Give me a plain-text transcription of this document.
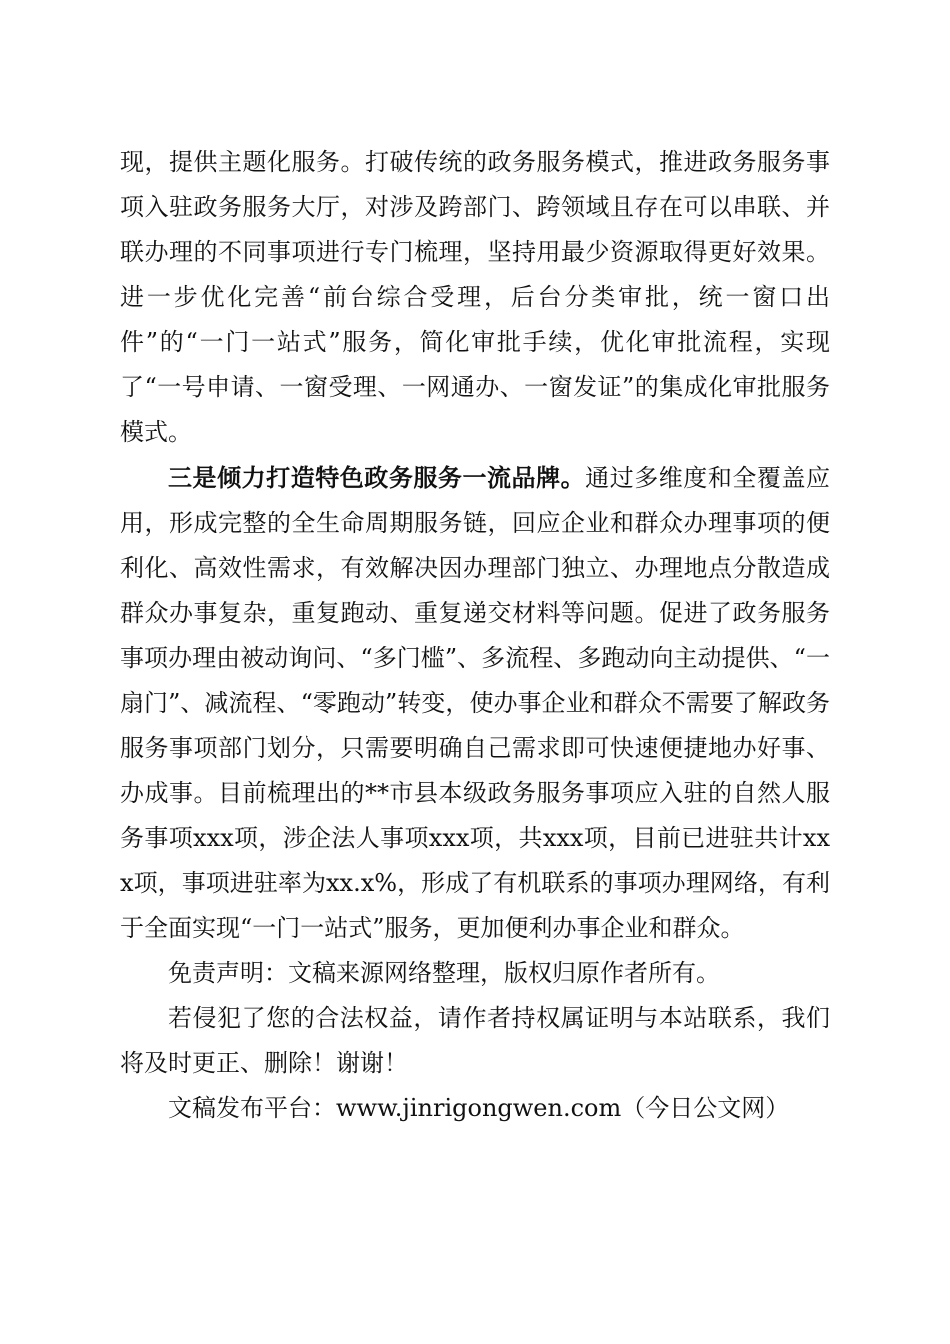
现，提供主题化服务。打破传统的政务服务模式，推进政务服务事项入驻政务服务大厅，对涉及跨部门、跨领域且存在可以串联、并联办理的不同事项进行专门梳理，坚持用最少资源取得更好效果。进一步优化完善“前台综合受理，后台分类审批，统一窗口出件”的“一门一站式”服务，简化审批手续，优化审批流程，实现了“一号申请、一窗受理、一网通办、一窗发证”的集成化审批服务模式。

三是倾力打造特色政务服务一流品牌。通过多维度和全覆盖应用，形成完整的全生命周期服务链，回应企业和群众办理事项的便利化、高效性需求，有效解决因办理部门独立、办理地点分散造成群众办事复杂，重复跑动、重复递交材料等问题。促进了政务服务事项办理由被动询问、“多门槛”、多流程、多跑动向主动提供、“一扇门”、减流程、“零跑动”转变，使办事企业和群众不需要了解政务服务事项部门划分，只需要明确自己需求即可快速便捷地办好事、办成事。目前梳理出的**市县本级政务服务事项应入驻的自然人服务事项xxx项，涉企法人事项xxx项，共xxx项，目前已进驻共计xxx项，事项进驻率为xx.x%，形成了有机联系的事项办理网络，有利于全面实现“一门一站式”服务，更加便利办事企业和群众。

免责声明：文稿来源网络整理，版权归原作者所有。

若侵犯了您的合法权益，请作者持权属证明与本站联系，我们将及时更正、删除！谢谢！

文稿发布平台：www.jinrigongwen.com（今日公文网）
